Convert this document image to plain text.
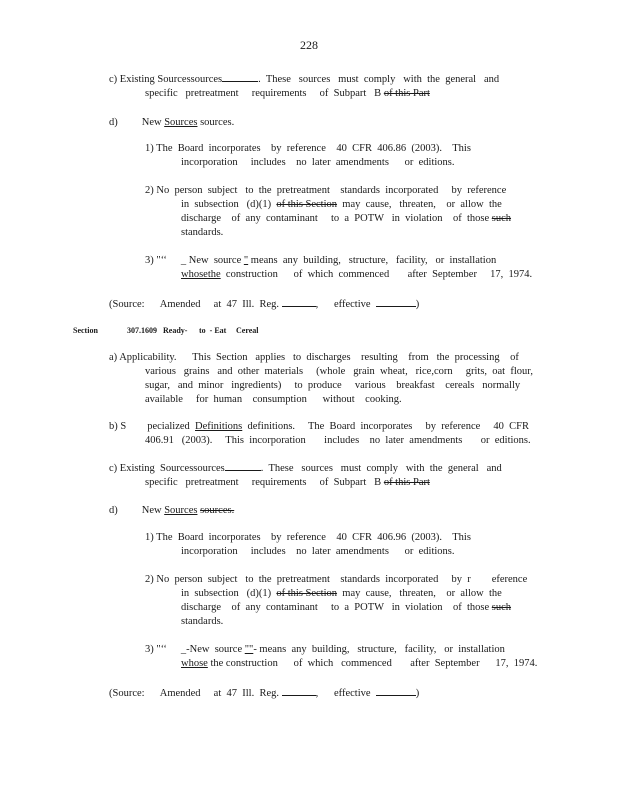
228
c) Existing Sourcessources	.  These   sources   must  comply   with  the  general   and
specific   pretreatment     requirements     of  Subpart   B of this Part
d) New Sources sources.
1) The  Board  incorporates    by  reference    40  CFR  406.86  (2003).    This
incorporation     includes    no  later  amendments      or  editions.
2) No  person  subject   to  the  pretreatment    standards  incorporated     by  reference
in  subsection   (d)(1)  of this Section  may  cause,   threaten,    or  allow  the
discharge    of  any  contaminant     to  a  POTW   in  violation    of  those such
standards.
3) "‘‘ _ New  source " means  any  building,   structure,   facility,   or  installation
whosethe  construction      of  which  commenced       after  September     17,  1974.
(Source:      Amended     at  47  Ill.  Reg.	,      effective	)
Section	307.1609 Ready- to  - Eat Cereal
a) Applicability.      This  Section   applies   to  discharges    resulting    from   the  processing    of
various   grains   and  other  materials     (whole   grain  wheat,   rice,corn     grits,  oat  flour,
sugar,   and  minor   ingredients)     to  produce     various    breakfast    cereals   normally
available     for  human    consumption      without    cooking.
b) S        pecialized  Definitions  definitions.     The  Board  incorporates     by  reference     40  CFR
406.91   (2003).     This  incorporation       includes    no  later  amendments       or  editions.
c) Existing  Sourcessources	.  These   sources   must  comply   with  the  general   and
specific   pretreatment     requirements     of  Subpart   B of this Part
d) New Sources sources.
1) The  Board  incorporates    by  reference    40  CFR  406.96  (2003).    This
incorporation     includes    no  later  amendments      or  editions.
2) No  person  subject   to  the  pretreatment    standards  incorporated     by  r        eference
in  subsection   (d)(1)  of this Section  may  cause,   threaten,    or  allow  the
discharge    of  any  contaminant     to  a  POTW   in  violation    of  those such
standards.
3) "‘‘ _-New  source ""- means  any  building,   structure,   facility,   or  installation
whose the construction      of  which   commenced       after  September      17,  1974.
(Source:      Amended     at  47  Ill.  Reg.	,      effective	)
